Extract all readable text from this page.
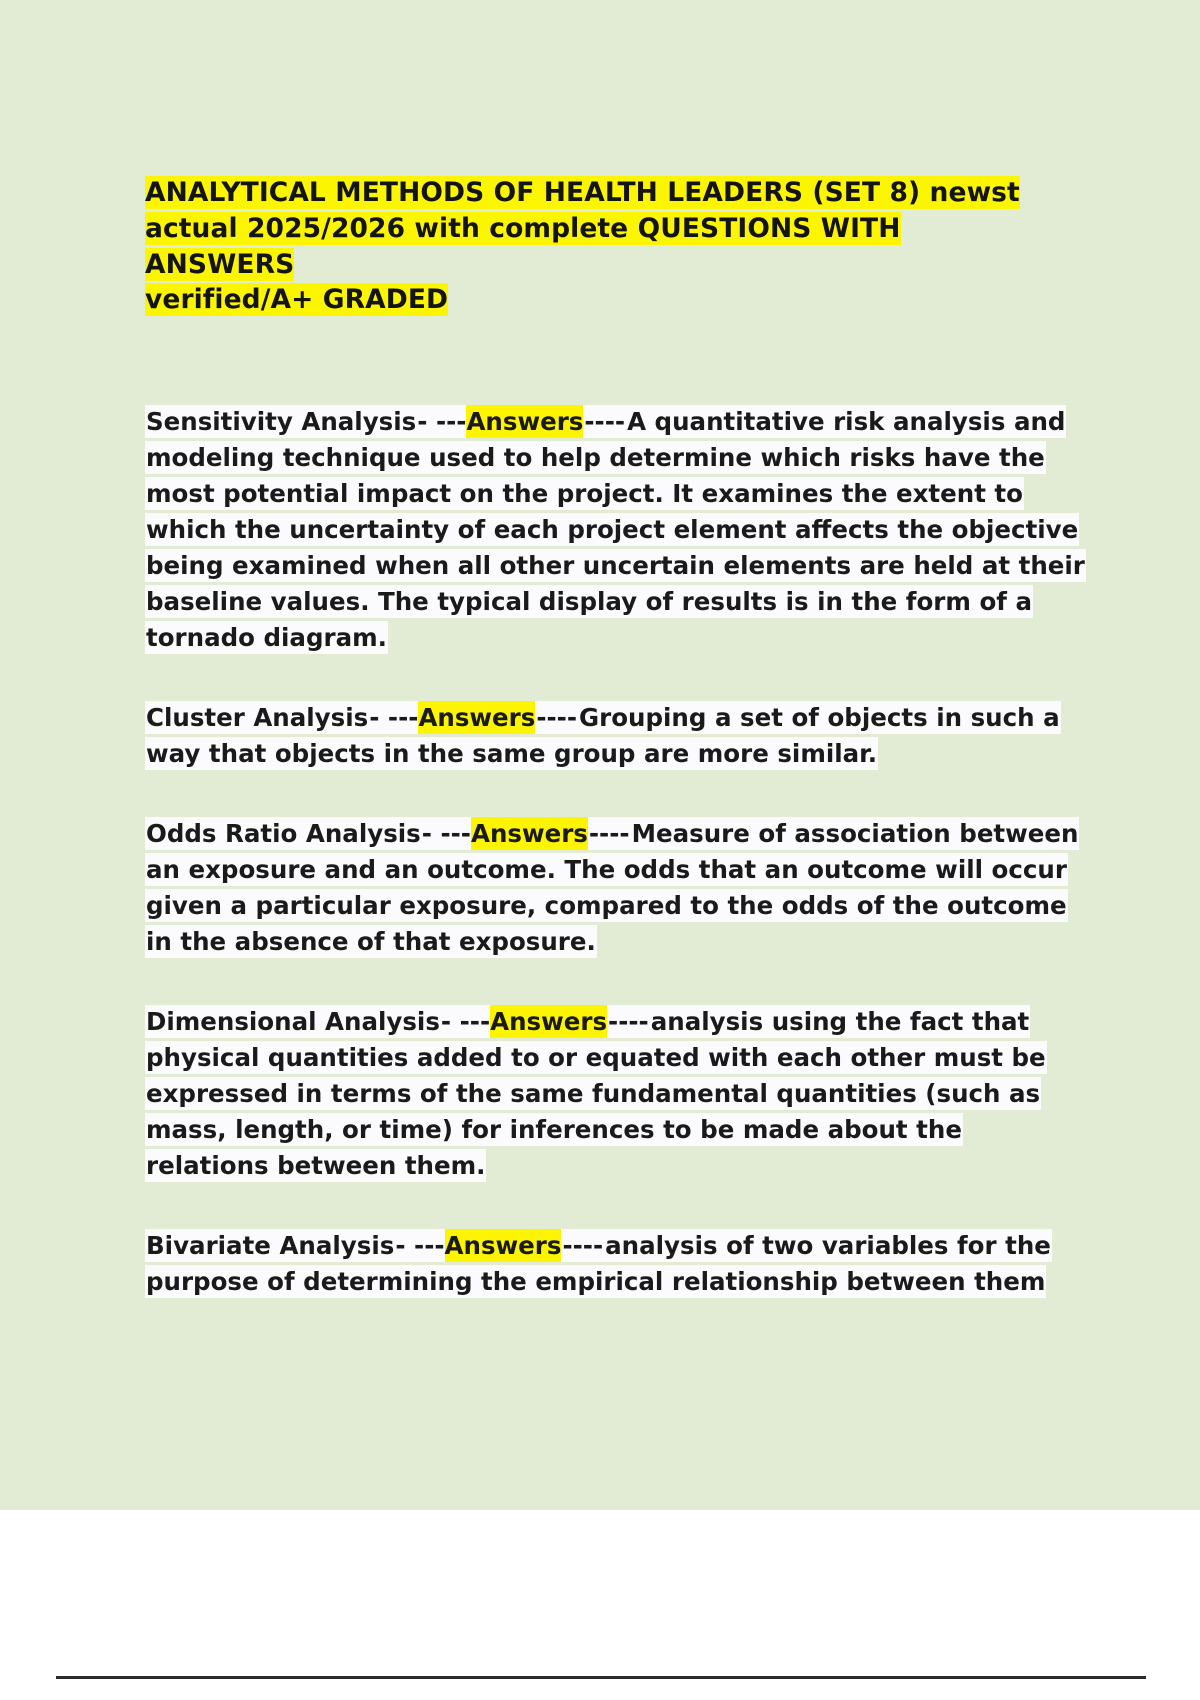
ANALYTICAL METHODS OF HEALTH LEADERS (SET 8) newst
actual 2025/2026 with complete QUESTIONS WITH ANSWERS
verified/A+ GRADED

Sensitivity Analysis- ---Answers----A quantitative risk analysis and modeling technique used to help determine which risks have the most potential impact on the project. It examines the extent to which the uncertainty of each project element affects the objective being examined when all other uncertain elements are held at their baseline values. The typical display of results is in the form of a tornado diagram.

Cluster Analysis- ---Answers----Grouping a set of objects in such a way that objects in the same group are more similar.

Odds Ratio Analysis- ---Answers----Measure of association between an exposure and an outcome. The odds that an outcome will occur given a particular exposure, compared to the odds of the outcome in the absence of that exposure.

Dimensional Analysis- ---Answers----analysis using the fact that physical quantities added to or equated with each other must be expressed in terms of the same fundamental quantities (such as mass, length, or time) for inferences to be made about the relations between them.

Bivariate Analysis- ---Answers----analysis of two variables for the purpose of determining the empirical relationship between them
